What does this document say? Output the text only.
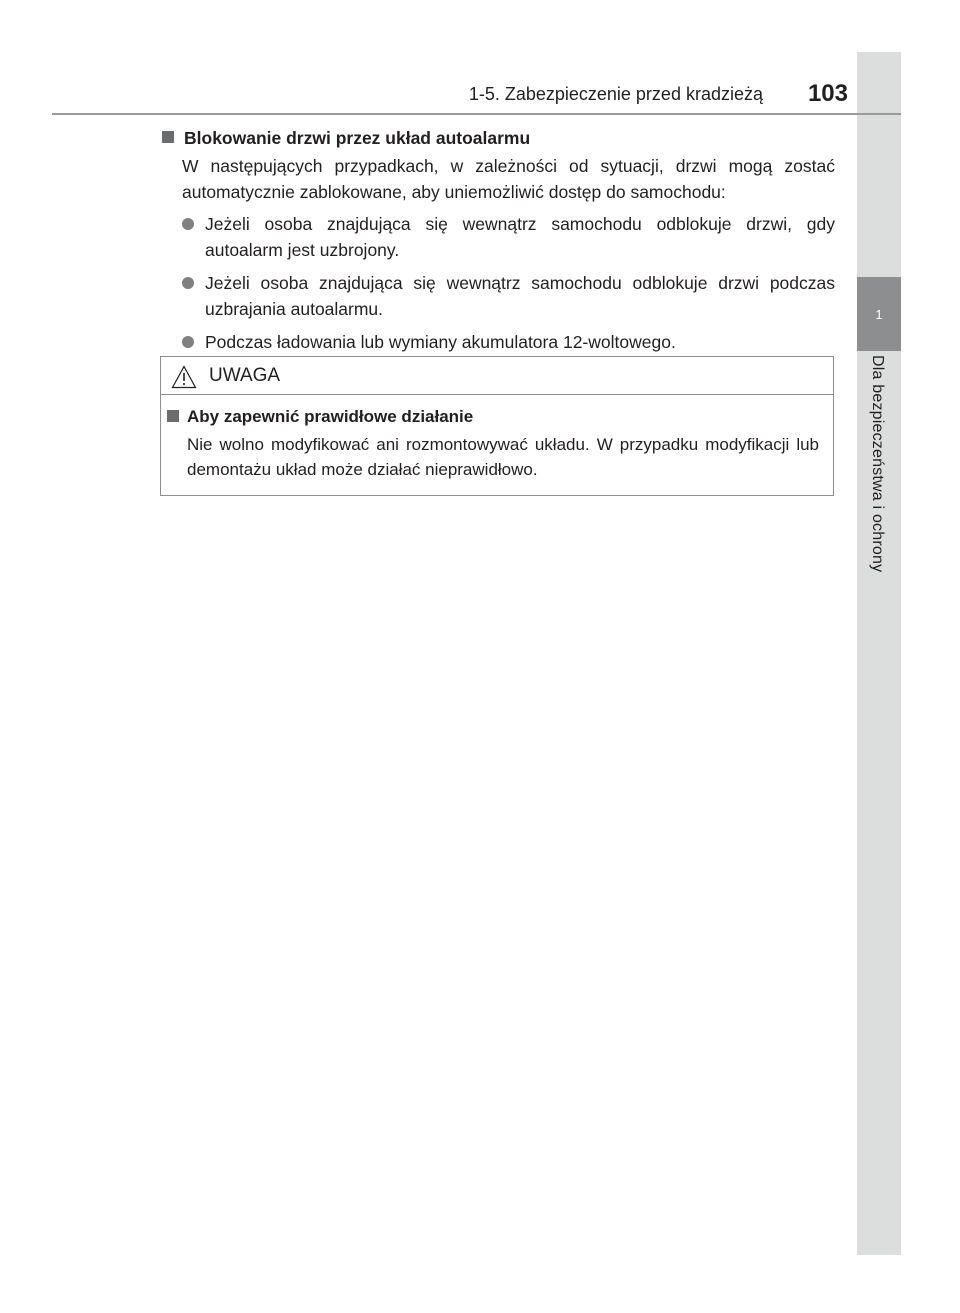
1
Dla bezpieczeństwa i ochrony
1-5. Zabezpieczenie przed kradzieżą	103
Blokowanie drzwi przez układ autoalarmu
W następujących przypadkach, w zależności od sytuacji, drzwi mogą zostać automatycznie zablokowane, aby uniemożliwić dostęp do samochodu:
Jeżeli osoba znajdująca się wewnątrz samochodu odblokuje drzwi, gdy autoalarm jest uzbrojony.
Jeżeli osoba znajdująca się wewnątrz samochodu odblokuje drzwi podczas uzbrajania autoalarmu.
Podczas ładowania lub wymiany akumulatora 12-woltowego.
UWAGA
Aby zapewnić prawidłowe działanie
Nie wolno modyfikować ani rozmontowywać układu. W przypadku modyfikacji lub demontażu układ może działać nieprawidłowo.
